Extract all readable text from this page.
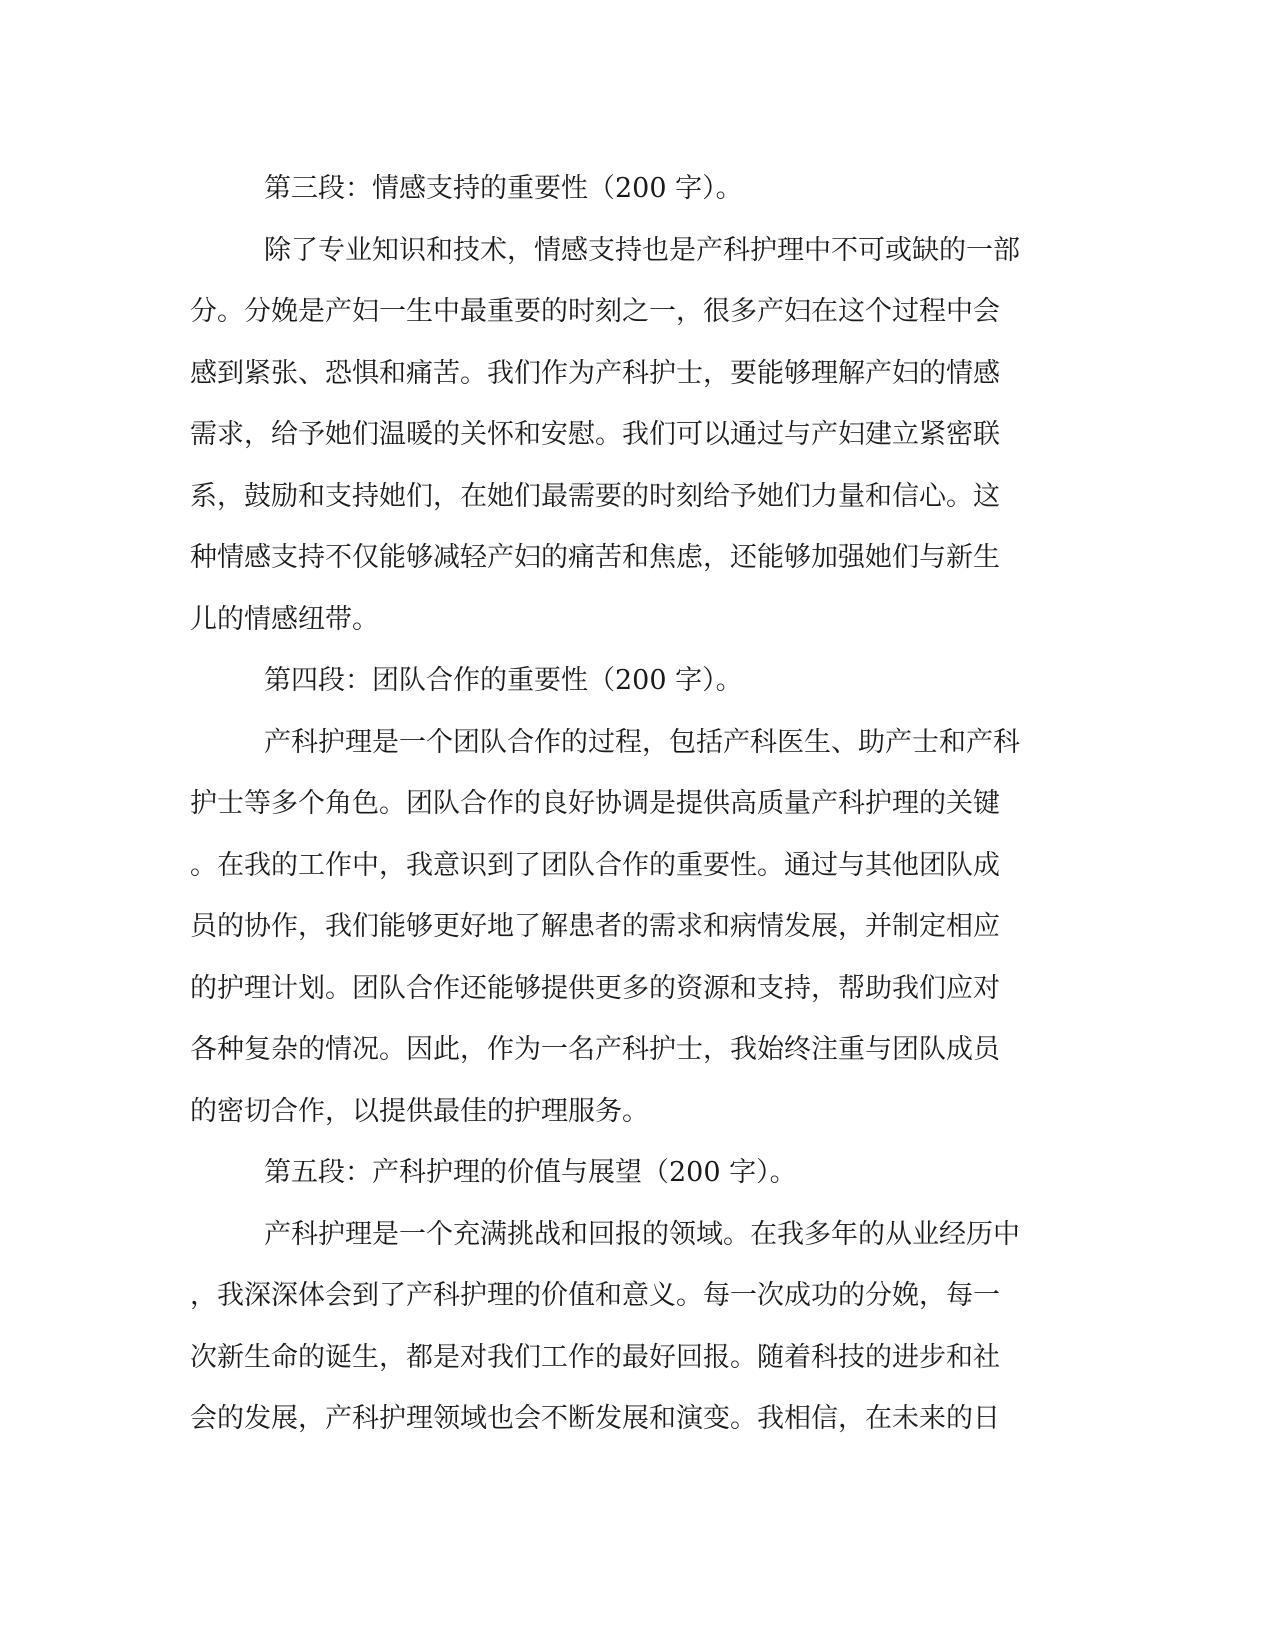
第三段：情感支持的重要性（200 字）。
除了专业知识和技术，情感支持也是产科护理中不可或缺的一部
分。分娩是产妇一生中最重要的时刻之一，很多产妇在这个过程中会
感到紧张、恐惧和痛苦。我们作为产科护士，要能够理解产妇的情感
需求，给予她们温暖的关怀和安慰。我们可以通过与产妇建立紧密联
系，鼓励和支持她们，在她们最需要的时刻给予她们力量和信心。这
种情感支持不仅能够减轻产妇的痛苦和焦虑，还能够加强她们与新生
儿的情感纽带。
第四段：团队合作的重要性（200 字）。
产科护理是一个团队合作的过程，包括产科医生、助产士和产科
护士等多个角色。团队合作的良好协调是提供高质量产科护理的关键
。在我的工作中，我意识到了团队合作的重要性。通过与其他团队成
员的协作，我们能够更好地了解患者的需求和病情发展，并制定相应
的护理计划。团队合作还能够提供更多的资源和支持，帮助我们应对
各种复杂的情况。因此，作为一名产科护士，我始终注重与团队成员
的密切合作，以提供最佳的护理服务。
第五段：产科护理的价值与展望（200 字）。
产科护理是一个充满挑战和回报的领域。在我多年的从业经历中
，我深深体会到了产科护理的价值和意义。每一次成功的分娩，每一
次新生命的诞生，都是对我们工作的最好回报。随着科技的进步和社
会的发展，产科护理领域也会不断发展和演变。我相信，在未来的日
